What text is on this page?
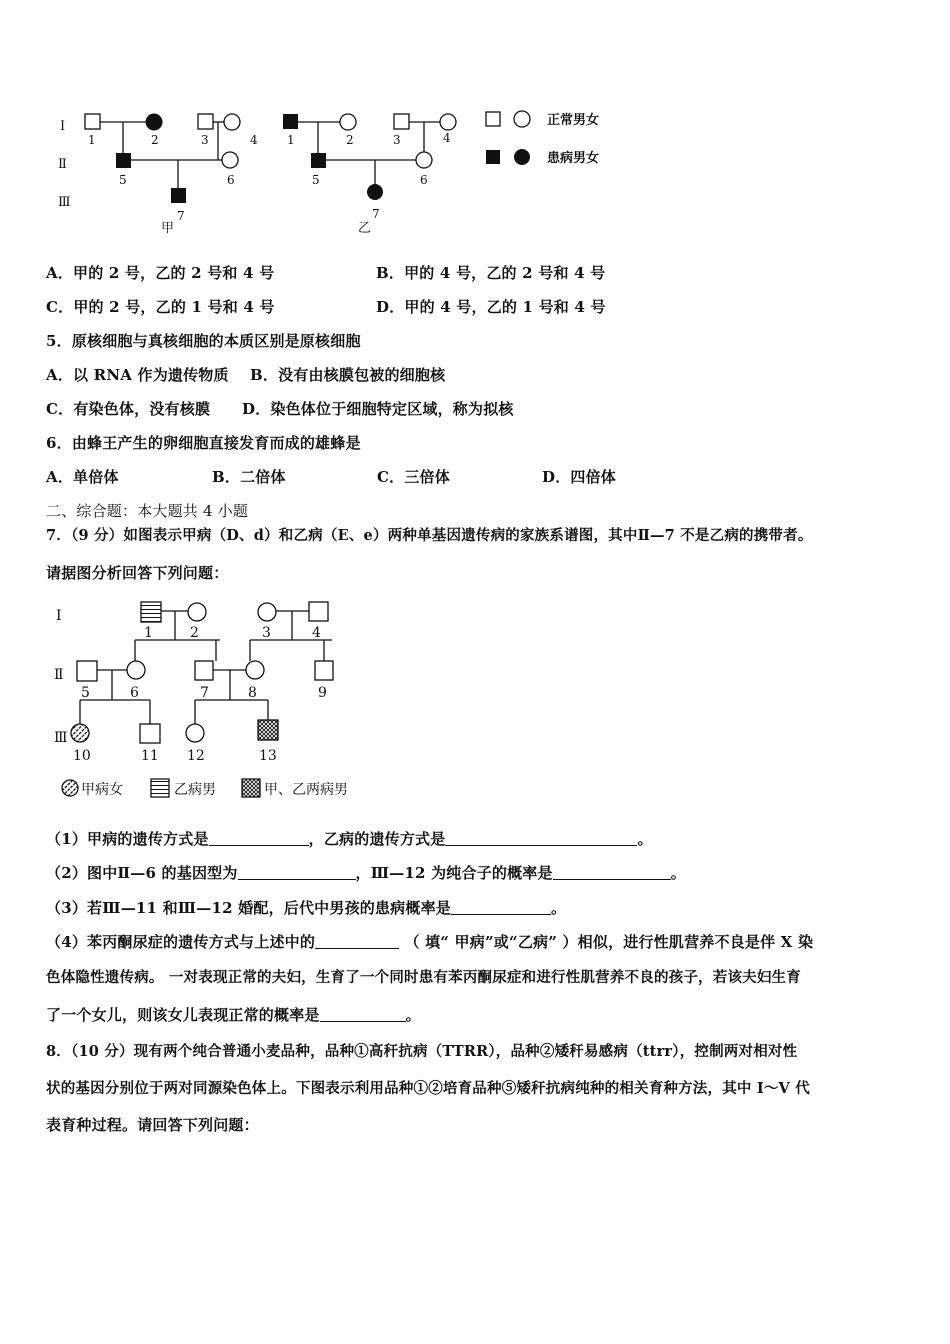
I
Ⅱ
Ⅲ
1	2	3	4
5	6
7
甲
1	2	3	4
5	6
7
乙
正常男女
患病男女
A．甲的 2 号，乙的 2 号和 4 号	B．甲的 4 号，乙的 2 号和 4 号
C．甲的 2 号，乙的 1 号和 4 号	D．甲的 4 号，乙的 1 号和 4 号
5．原核细胞与真核细胞的本质区别是原核细胞
A．以 RNA 作为遗传物质 B．没有由核膜包被的细胞核
C．有染色体，没有核膜 D．染色体位于细胞特定区域，称为拟核
6．由蜂王产生的卵细胞直接发育而成的雄蜂是
A．单倍体	B．二倍体	C．三倍体	D．四倍体
二、综合题：本大题共 4 小题
7．（9 分）如图表示甲病（D、d）和乙病（E、e）两种单基因遗传病的家族系谱图，其中Ⅱ—7 不是乙病的携带者。
请据图分析回答下列问题：
Ⅰ
Ⅱ
Ⅲ
1	2	3	4
5	6	7	8	9
10	11 12	13
甲病女	乙病男	甲、乙两病男
（1）甲病的遗传方式是	，乙病的遗传方式是	。
（2）图中Ⅱ—6 的基因型为	，Ⅲ—12 为纯合子的概率是	。
（3）若Ⅲ—11 和Ⅲ—12 婚配，后代中男孩的患病概率是	。
（4）苯丙酮尿症的遗传方式与上述中的	（ 填“ 甲病”或“乙病” ）相似，进行性肌营养不良是伴 X 染
色体隐性遗传病。 一对表现正常的夫妇，生育了一个同时患有苯丙酮尿症和进行性肌营养不良的孩子，若该夫妇生育
了一个女儿，则该女儿表现正常的概率是	。
8．（10 分）现有两个纯合普通小麦品种，品种①高秆抗病（TTRR），品种②矮秆易感病（ttrr），控制两对相对性
状的基因分别位于两对同源染色体上。下图表示利用品种①②培育品种⑤矮秆抗病纯种的相关育种方法，其中 I～V 代
表育种过程。请回答下列问题：
